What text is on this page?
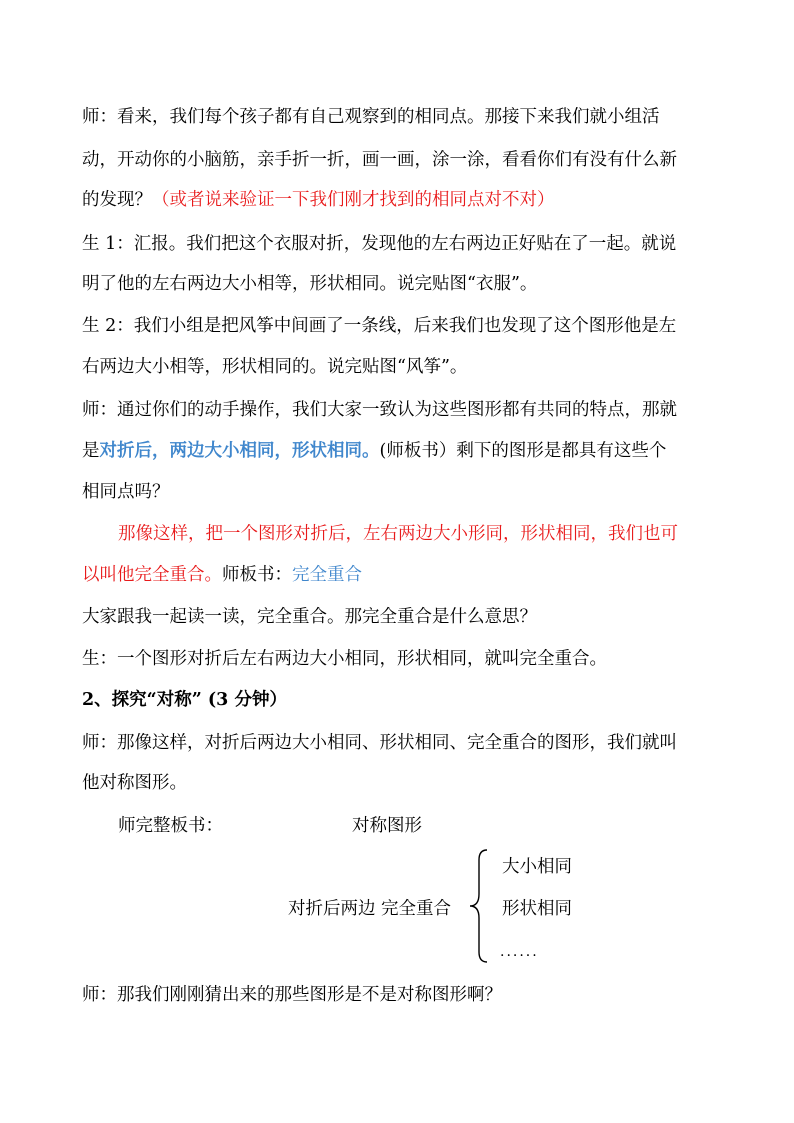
师：看来，我们每个孩子都有自己观察到的相同点。那接下来我们就小组活
动，开动你的小脑筋，亲手折一折，画一画，涂一涂，看看你们有没有什么新
的发现？（或者说来验证一下我们刚才找到的相同点对不对）
生 1：汇报。我们把这个衣服对折，发现他的左右两边正好贴在了一起。就说
明了他的左右两边大小相等，形状相同。说完贴图“衣服”。
生 2：我们小组是把风筝中间画了一条线，后来我们也发现了这个图形他是左
右两边大小相等，形状相同的。说完贴图“风筝”。
师：通过你们的动手操作，我们大家一致认为这些图形都有共同的特点，那就
是对折后，两边大小相同，形状相同。(师板书）剩下的图形是都具有这些个
相同点吗？
那像这样，把一个图形对折后，左右两边大小形同，形状相同，我们也可
以叫他完全重合。师板书：完全重合
大家跟我一起读一读，完全重合。那完全重合是什么意思？
生：一个图形对折后左右两边大小相同，形状相同，就叫完全重合。
2、探究“对称” (3 分钟）
师：那像这样，对折后两边大小相同、形状相同、完全重合的图形，我们就叫
他对称图形。
师完整板书：	对称图形
对折后两边 完全重合
大小相同
形状相同
......
师：那我们刚刚猜出来的那些图形是不是对称图形啊？
